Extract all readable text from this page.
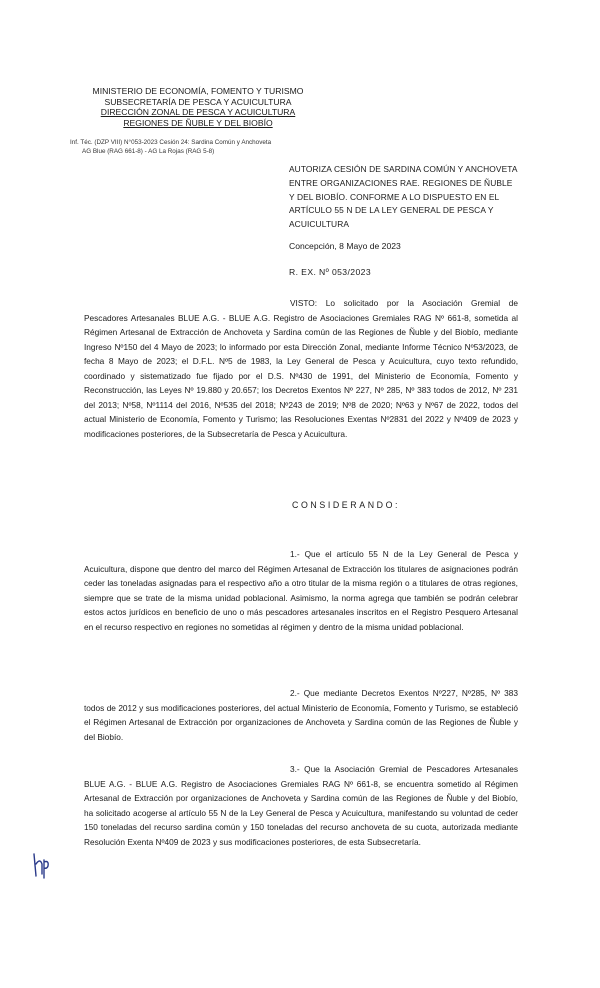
MINISTERIO DE ECONOMÍA, FOMENTO Y TURISMO
SUBSECRETARÍA DE PESCA Y ACUICULTURA
DIRECCIÓN ZONAL DE PESCA Y ACUICULTURA
REGIONES DE ÑUBLE Y DEL BIOBÍO
Inf. Téc. (DZP VIII) N°053-2023 Cesión 24: Sardina Común y Anchoveta
AG Blue (RAG 661-8) - AG La Rojas (RAG 5-8)
AUTORIZA CESIÓN DE SARDINA COMÚN Y ANCHOVETA ENTRE ORGANIZACIONES RAE. REGIONES DE ÑUBLE Y DEL BIOBÍO. CONFORME A LO DISPUESTO EN EL ARTÍCULO 55 N DE LA LEY GENERAL DE PESCA Y ACUICULTURA
Concepción, 8 Mayo de 2023
R. EX. Nº 053/2023
VISTO: Lo solicitado por la Asociación Gremial de Pescadores Artesanales BLUE A.G. - BLUE A.G. Registro de Asociaciones Gremiales RAG Nº 661-8, sometida al Régimen Artesanal de Extracción de Anchoveta y Sardina común de las Regiones de Ñuble y del Biobío, mediante Ingreso Nº150 del 4 Mayo de 2023; lo informado por esta Dirección Zonal, mediante Informe Técnico Nº53/2023, de fecha 8 Mayo de 2023; el D.F.L. Nº5 de 1983, la Ley General de Pesca y Acuicultura, cuyo texto refundido, coordinado y sistematizado fue fijado por el D.S. Nº430 de 1991, del Ministerio de Economía, Fomento y Reconstrucción, las Leyes Nº 19.880 y 20.657; los Decretos Exentos Nº 227, Nº 285, Nº 383 todos de 2012, Nº 231 del 2013; Nº58, Nº1114 del 2016, Nº535 del 2018; Nº243 de 2019; Nº8 de 2020; Nº63 y Nº67 de 2022, todos del actual Ministerio de Economía, Fomento y Turismo; las Resoluciones Exentas Nº2831 del 2022 y Nº409 de 2023 y modificaciones posteriores, de la Subsecretaría de Pesca y Acuicultura.
CONSIDERANDO:
1.- Que el artículo 55 N de la Ley General de Pesca y Acuicultura, dispone que dentro del marco del Régimen Artesanal de Extracción los titulares de asignaciones podrán ceder las toneladas asignadas para el respectivo año a otro titular de la misma región o a titulares de otras regiones, siempre que se trate de la misma unidad poblacional. Asimismo, la norma agrega que también se podrán celebrar estos actos jurídicos en beneficio de uno o más pescadores artesanales inscritos en el Registro Pesquero Artesanal en el recurso respectivo en regiones no sometidas al régimen y dentro de la misma unidad poblacional.
2.- Que mediante Decretos Exentos Nº227, Nº285, Nº 383 todos de 2012 y sus modificaciones posteriores, del actual Ministerio de Economía, Fomento y Turismo, se estableció el Régimen Artesanal de Extracción por organizaciones de Anchoveta y Sardina común de las Regiones de Ñuble y del Biobío.
3.- Que la Asociación Gremial de Pescadores Artesanales BLUE A.G. - BLUE A.G. Registro de Asociaciones Gremiales RAG Nº 661-8, se encuentra sometido al Régimen Artesanal de Extracción por organizaciones de Anchoveta y Sardina común de las Regiones de Ñuble y del Biobío, ha solicitado acogerse al artículo 55 N de la Ley General de Pesca y Acuicultura, manifestando su voluntad de ceder 150 toneladas del recurso sardina común y 150 toneladas del recurso anchoveta de su cuota, autorizada mediante Resolución Exenta Nº409 de 2023 y sus modificaciones posteriores, de esta Subsecretaría.
